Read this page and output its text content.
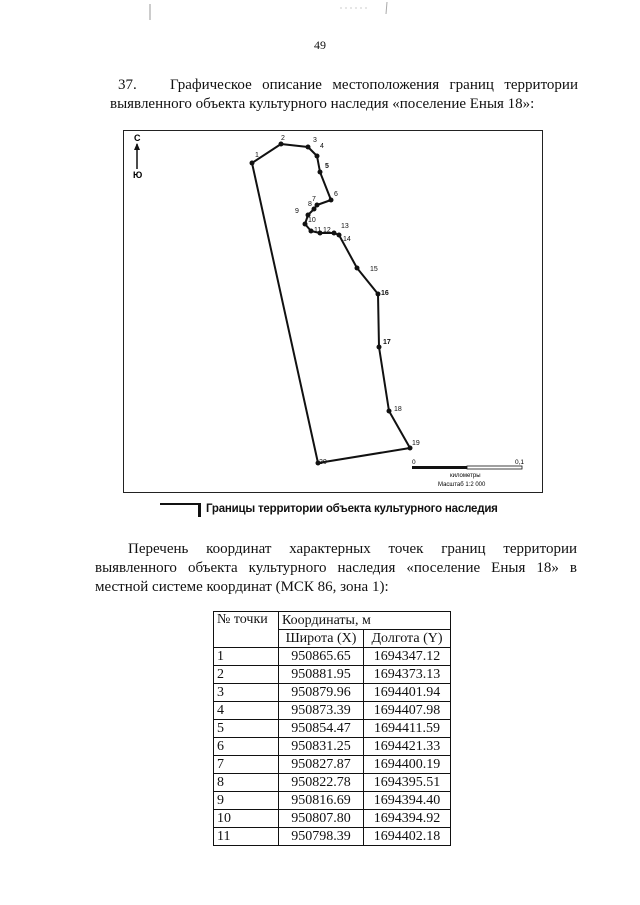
49
37. Графическое описание местоположения границ территории
выявленного объекта культурного наследия «поселение Еныя 18»:
С
Ю
1
2	3
4
5
6
7
8
9
10
11 12
13
14
15
16
17
18
19
20	0	0,1
километры
Масштаб 1:2 000
Границы территории объекта культурного наследия
Перечень координат характерных точек границ территории
выявленного объекта культурного наследия «поселение Еныя 18» в
местной системе координат (МСК 86, зона 1):
№ точки	Координаты, м	
	Широта (X)	Долгота (Y)
1	950865.65	1694347.12
2	950881.95	1694373.13
3	950879.96	1694401.94
4	950873.39	1694407.98
5	950854.47	1694411.59
6	950831.25	1694421.33
7	950827.87	1694400.19
8	950822.78	1694395.51
9	950816.69	1694394.40
10	950807.80	1694394.92
11	950798.39	1694402.18
